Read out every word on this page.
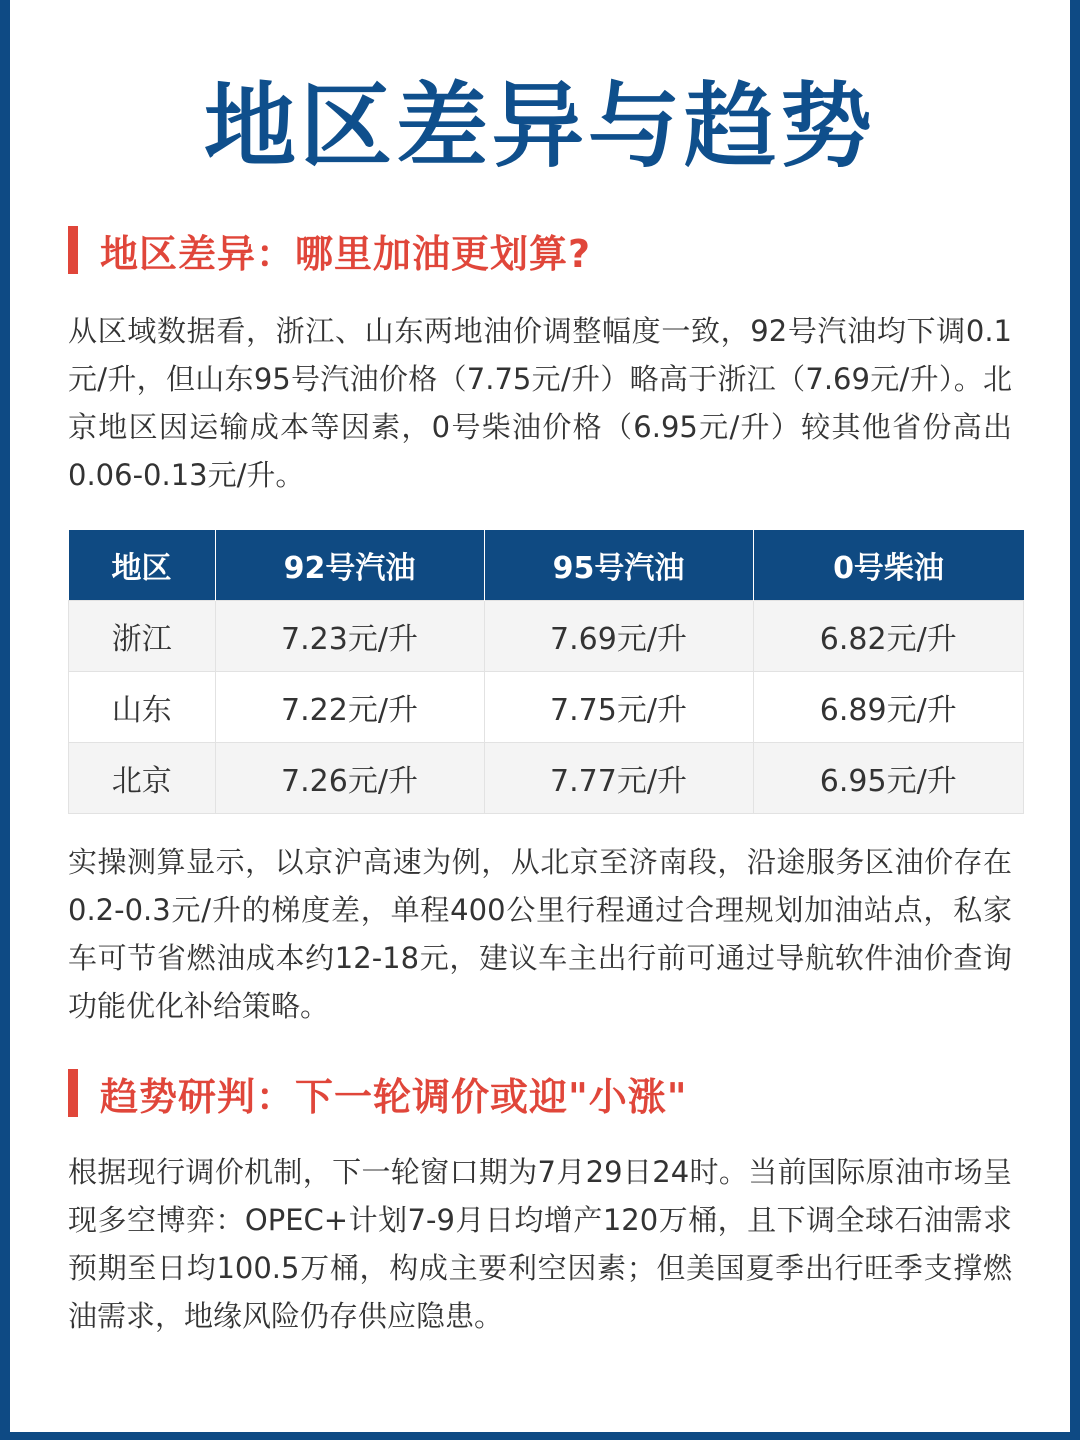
地区差异与趋势
地区差异：哪里加油更划算?
从区域数据看，浙江、山东两地油价调整幅度一致，92号汽油均下调0.1元/升，但山东95号汽油价格（7.75元/升）略高于浙江（7.69元/升）。北京地区因运输成本等因素，0号柴油价格（6.95元/升）较其他省份高出0.06-0.13元/升。
地区	92号汽油	95号汽油	0号柴油
浙江	7.23元/升	7.69元/升	6.82元/升
山东	7.22元/升	7.75元/升	6.89元/升
北京	7.26元/升	7.77元/升	6.95元/升
实操测算显示，以京沪高速为例，从北京至济南段，沿途服务区油价存在0.2-0.3元/升的梯度差，单程400公里行程通过合理规划加油站点，私家车可节省燃油成本约12-18元，建议车主出行前可通过导航软件油价查询功能优化补给策略。
趋势研判：下一轮调价或迎"小涨"
根据现行调价机制，下一轮窗口期为7月29日24时。当前国际原油市场呈现多空博弈：OPEC+计划7-9月日均增产120万桶，且下调全球石油需求预期至日均100.5万桶，构成主要利空因素；但美国夏季出行旺季支撑燃油需求，地缘风险仍存供应隐患。
